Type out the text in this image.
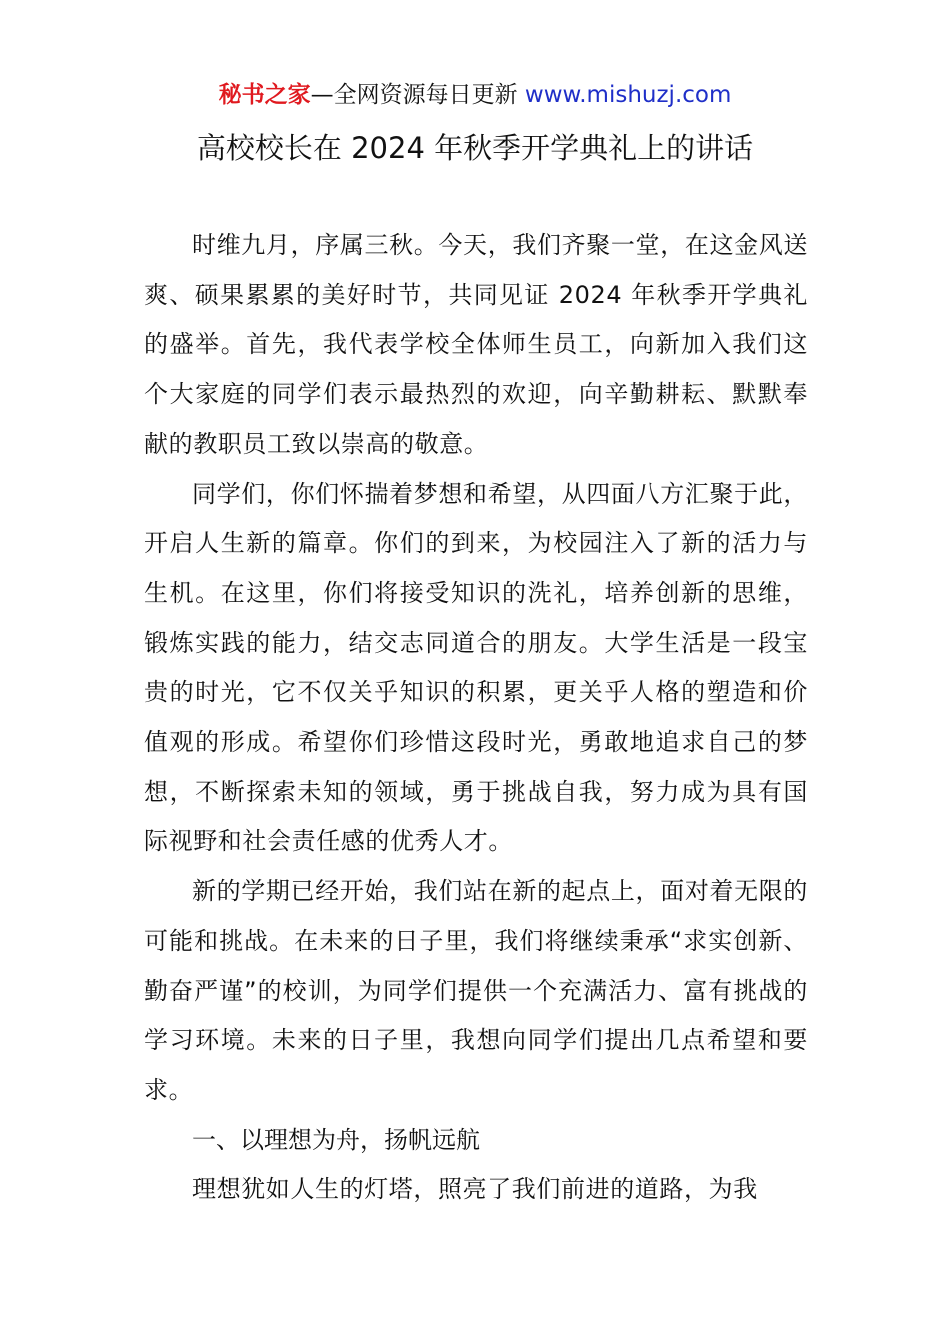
秘书之家—全网资源每日更新 www.mishuzj.com
高校校长在 2024 年秋季开学典礼上的讲话

时维九月，序属三秋。今天，我们齐聚一堂，在这金风送爽、硕果累累的美好时节，共同见证 2024 年秋季开学典礼的盛举。首先，我代表学校全体师生员工，向新加入我们这个大家庭的同学们表示最热烈的欢迎，向辛勤耕耘、默默奉献的教职员工致以崇高的敬意。

同学们，你们怀揣着梦想和希望，从四面八方汇聚于此，开启人生新的篇章。你们的到来，为校园注入了新的活力与生机。在这里，你们将接受知识的洗礼，培养创新的思维，锻炼实践的能力，结交志同道合的朋友。大学生活是一段宝贵的时光，它不仅关乎知识的积累，更关乎人格的塑造和价值观的形成。希望你们珍惜这段时光，勇敢地追求自己的梦想，不断探索未知的领域，勇于挑战自我，努力成为具有国际视野和社会责任感的优秀人才。

新的学期已经开始，我们站在新的起点上，面对着无限的可能和挑战。在未来的日子里，我们将继续秉承“求实创新、勤奋严谨”的校训，为同学们提供一个充满活力、富有挑战的学习环境。未来的日子里，我想向同学们提出几点希望和要求。

一、以理想为舟，扬帆远航

理想犹如人生的灯塔，照亮了我们前进的道路，为我
